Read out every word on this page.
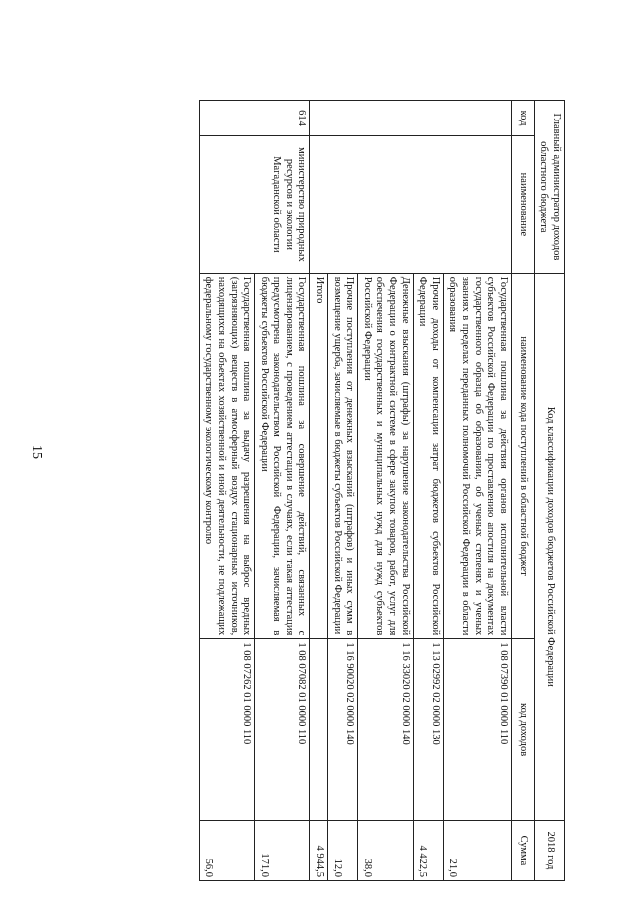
15
Главный администратор доходов областного бюджета		Код классификации доходов бюджетов Российской Федерации		2018 год
код	наименование	наименование кода поступлений в областной бюджет	код доходов	Сумма
		Государственная пошлина за действия органов исполнительной власти субъектов Российской Федерации по проставлению апостиля на документах государственного образца об образовании, об ученых степенях и ученых званиях в пределах переданных полномочий Российской Федерации в области образования	1 08 07390 01 0000 110	21,0
		Прочие доходы от компенсации затрат бюджетов субъектов Российской Федерации	1 13 02992 02 0000 130	4 422,5
		Денежные взыскания (штрафы) за нарушение законодательства Российской Федерации о контрактной системе в сфере закупок товаров, работ, услуг для обеспечения государственных и муниципальных нужд для нужд субъектов Российской Федерации	1 16 33020 02 0000 140	38,0
		Прочие поступления от денежных взысканий (штрафов) и иных сумм в возмещение ущерба, зачисляемые в бюджеты субъектов Российской Федерации	1 16 90020 02 0000 140	12,0
		Итого		4 944,5
614	министерство природных ресурсов и экологии Магаданской области	Государственная пошлина за совершение действий, связанных с лицензированием, с проведением аттестации в случаях, если такая аттестация предусмотрена законодательством Российской Федерации, зачисляемая в бюджеты субъектов Российской Федерации	1 08 07082 01 0000 110	171,0
		Государственная пошлина за выдачу разрешения на выброс вредных (загрязняющих) веществ в атмосферный воздух стационарных источников, находящихся на объектах хозяйственной и иной деятельности, не подлежащих федеральному государственному экологическому контролю	1 08 07262 01 0000 110	56,0
